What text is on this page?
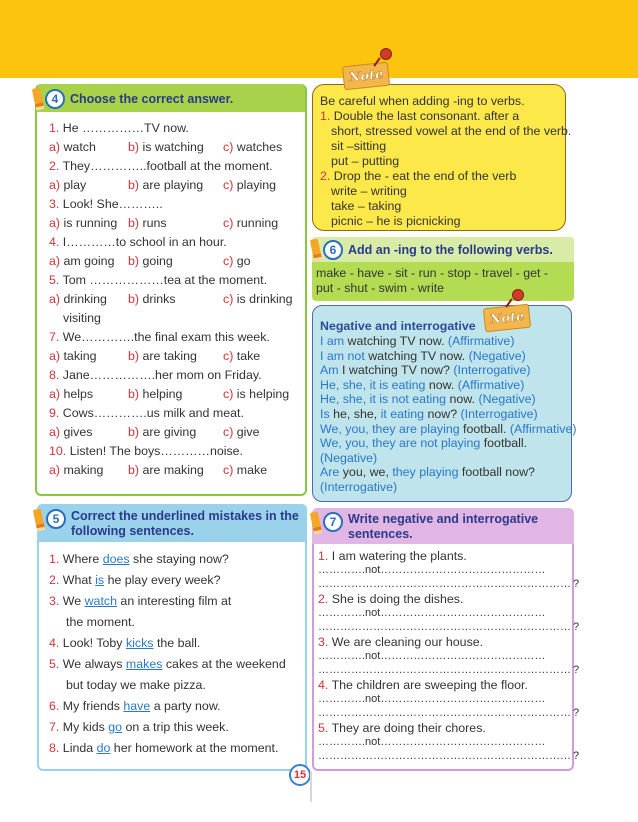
4 Choose the correct answer.
1. He ……………TV now.
a) watch	b) is watching	c) watches
2. They…………..football at the moment.
a) play	b) are playing	c) playing
3. Look! She………..
a) is running b) runs	c) running
4. I…………to school in an hour.
a) am going	b) going	c) go
5. Tom ………………tea at the moment.
a) drinking	b) drinks	c) is drinking
visiting
7. We………….the final exam this week.
a) taking	b) are taking	c) take
8. Jane…………….her mom on Friday.
a) helps	b) helping	c) is helping
9. Cows………….us milk and meat.
a) gives	b) are giving	c) give
10. Listen! The boys…………noise.
a) making	b) are making	c) make
Note
Be careful when adding -ing to verbs.
1. Double the last consonant. after a
short, stressed vowel at the end of the verb.
sit –sitting
put – putting
2. Drop the - eat the end of the verb
write – writing
take – taking
picnic – he is picnicking
6 Add an -ing to the following verbs.
make - have - sit - run - stop - travel - get -
put - shut - swim - write
Note
Negative and interrogative
I am watching TV now. (Affirmative)
I am not watching TV now. (Negative)
Am I watching TV now? (Interrogative)
He, she, it is eating now. (Affirmative)
He, she, it is not eating now. (Negative)
Is he, she, it eating now? (Interrogative)
We, you, they are playing football. (Affirmative)
We, you, they are not playing football.
(Negative)
Are you, we, they playing football now?
(Interrogative)
5 Correct the underlined mistakes in the
following sentences.
1. Where does she staying now?
2. What is he play every week?
3. We watch an interesting film at
the moment.
4. Look! Toby kicks the ball.
5. We always makes cakes at the weekend
but today we make pizza.
6. My friends have a party now.
7. My kids go on a trip this week.
8. Linda do her homework at the moment.
7 Write negative and interrogative
sentences.
1. I am watering the plants.
………….not………………………………………
…………………………………………………………… ?
2. She is doing the dishes.
………….not………………………………………
…………………………………………………………… ?
3. We are cleaning our house.
………….not………………………………………
…………………………………………………………… ?
4. The children are sweeping the floor.
………….not………………………………………
…………………………………………………………… ?
5. They are doing their chores.
………….not………………………………………
…………………………………………………………… ?
15
